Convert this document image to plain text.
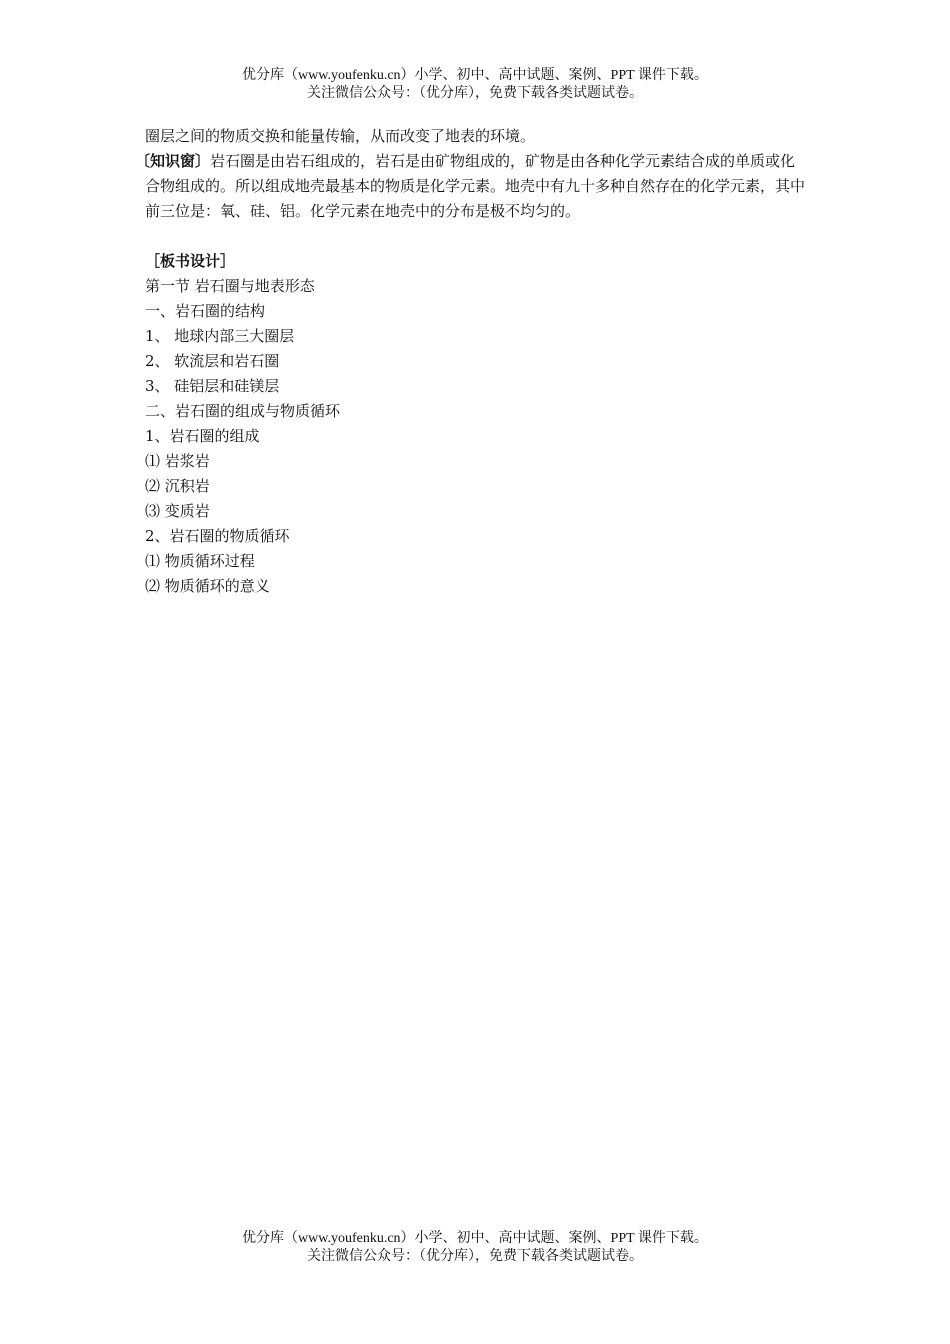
优分库（www.youfenku.cn）小学、初中、高中试题、案例、PPT 课件下载。
关注微信公众号：（优分库），免费下载各类试题试卷。

圈层之间的物质交换和能量传输，从而改变了地表的环境。

〔知识窗〕岩石圈是由岩石组成的，岩石是由矿物组成的，矿物是由各种化学元素结合成的单质或化合物组成的。所以组成地壳最基本的物质是化学元素。地壳中有九十多种自然存在的化学元素，其中前三位是：氧、硅、铝。化学元素在地壳中的分布是极不均匀的。

［板书设计］
第一节 岩石圈与地表形态
一、岩石圈的结构
1、 地球内部三大圈层
2、 软流层和岩石圈
3、 硅铝层和硅镁层
二、岩石圈的组成与物质循环
1、岩石圈的组成
⑴ 岩浆岩
⑵ 沉积岩
⑶ 变质岩
2、岩石圈的物质循环
⑴ 物质循环过程
⑵ 物质循环的意义
优分库（www.youfenku.cn）小学、初中、高中试题、案例、PPT 课件下载。
关注微信公众号：（优分库），免费下载各类试题试卷。
